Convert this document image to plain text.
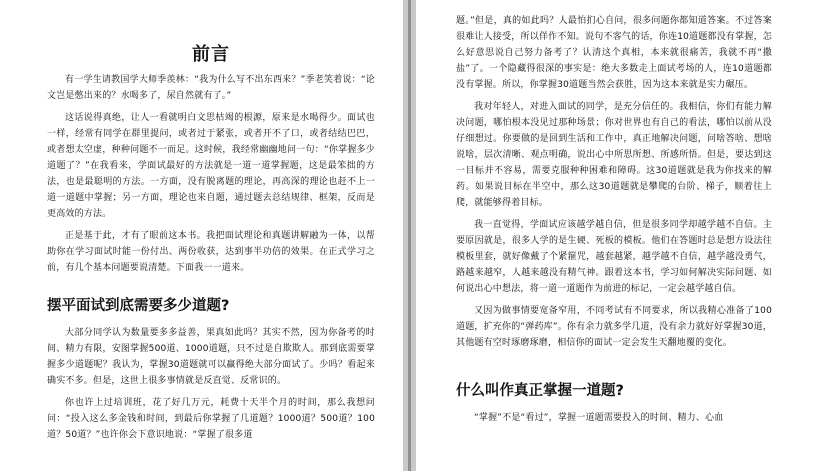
前言

有一学生请教国学大师季羡林：“我为什么写不出东西来？”季老笑着说：“论文岂是憋出来的？水喝多了，尿自然就有了。”

这话说得真绝，让人一看就明白文思枯竭的根源，原来是水喝得少。面试也一样，经常有同学在群里提问，或者过于紧张，或者开不了口，或者结结巴巴，或者想太空虚，种种问题不一而足。这时候，我经常幽幽地问一句：“你掌握多少道题了？”在我看来，学面试最好的方法就是一道一道掌握题，这是最笨拙的方法，也是最聪明的方法。一方面，没有脱离题的理论，再高深的理论也赶不上一道一道题中掌握；另一方面，理论也来自题，通过题去总结规律、框架，反而是更高效的方法。

正是基于此，才有了眼前这本书。我把面试理论和真题讲解融为一体，以帮助你在学习面试时能一份付出、两份收获，达到事半功倍的效果。在正式学习之前，有几个基本问题要说清楚。下面我一一道来。

摆平面试到底需要多少道题?

大部分同学认为数量要多多益善，果真如此吗？其实不然，因为你备考的时间、精力有限，安图掌握500道、1000道题，只不过是自欺欺人。那到底需要掌握多少道题呢？我认为，掌握30道题就可以赢得绝大部分面试了。少吗？看起来确实不多。但是，这世上很多事情就是反直觉、反常识的。

你也许上过培训班，花了好几万元，耗费十天半个月的时间，那么我想问问：“投入这么多金钱和时间，到最后你掌握了几道题？1000道？500道？100道？50道？”也许你会下意识地说：“掌握了很多道

题。”但是，真的如此吗？人最怕扪心自问，很多问题你都知道答案。不过答案很难让人接受，所以佯作不知。说句不客气的话，你连10道题都没有掌握，怎么好意思说自己努力备考了？认清这个真相，本来就很痛苦，我就不再“撒盐”了。一个隐藏得很深的事实是：绝大多数走上面试考场的人，连10道题都没有掌握。所以，你掌握30道题当然会获胜，因为这本来就是实力碾压。

我对年轻人，对进入面试的同学，是充分信任的。我相信，你们有能力解决问题，哪怕根本没见过那种场景；你对世界也有自己的看法，哪怕以前从没仔细想过。你要做的是回到生活和工作中，真正地解决问题，问啥答啥、想啥说啥，层次清晰、观点明确，说出心中所思所想、所感所悟。但是，要达到这一目标并不容易，需要克服种种困难和障碍。这30道题就是我为你找来的解药。如果说目标在半空中，那么这30道题就是攀爬的台阶、梯子，顺着往上爬，就能够得着目标。

我一直觉得，学面试应该越学越自信，但是很多同学却越学越不自信。主要原因就是，很多人学的是生硬、死板的模板。他们在答题时总是想方设法往模板里套，就好像戴了个紧箍咒，越套越紧，越学越不自信，越学越没勇气，路越来越窄，人越来越没有精气神。跟着这本书，学习如何解决实际问题、如何说出心中想法，将一道一道题作为前进的标记，一定会越学越自信。

又因为做事情要宽备窄用，不同考试有不同要求，所以我精心准备了100道题，扩充你的“弹药库”。你有余力就多学几道，没有余力就好好掌握30道，其他题有空时琢磨琢磨，相信你的面试一定会发生天翻地覆的变化。

什么叫作真正掌握一道题?

“掌握”不是“看过”，掌握一道题需要投入的时间、精力、心血
